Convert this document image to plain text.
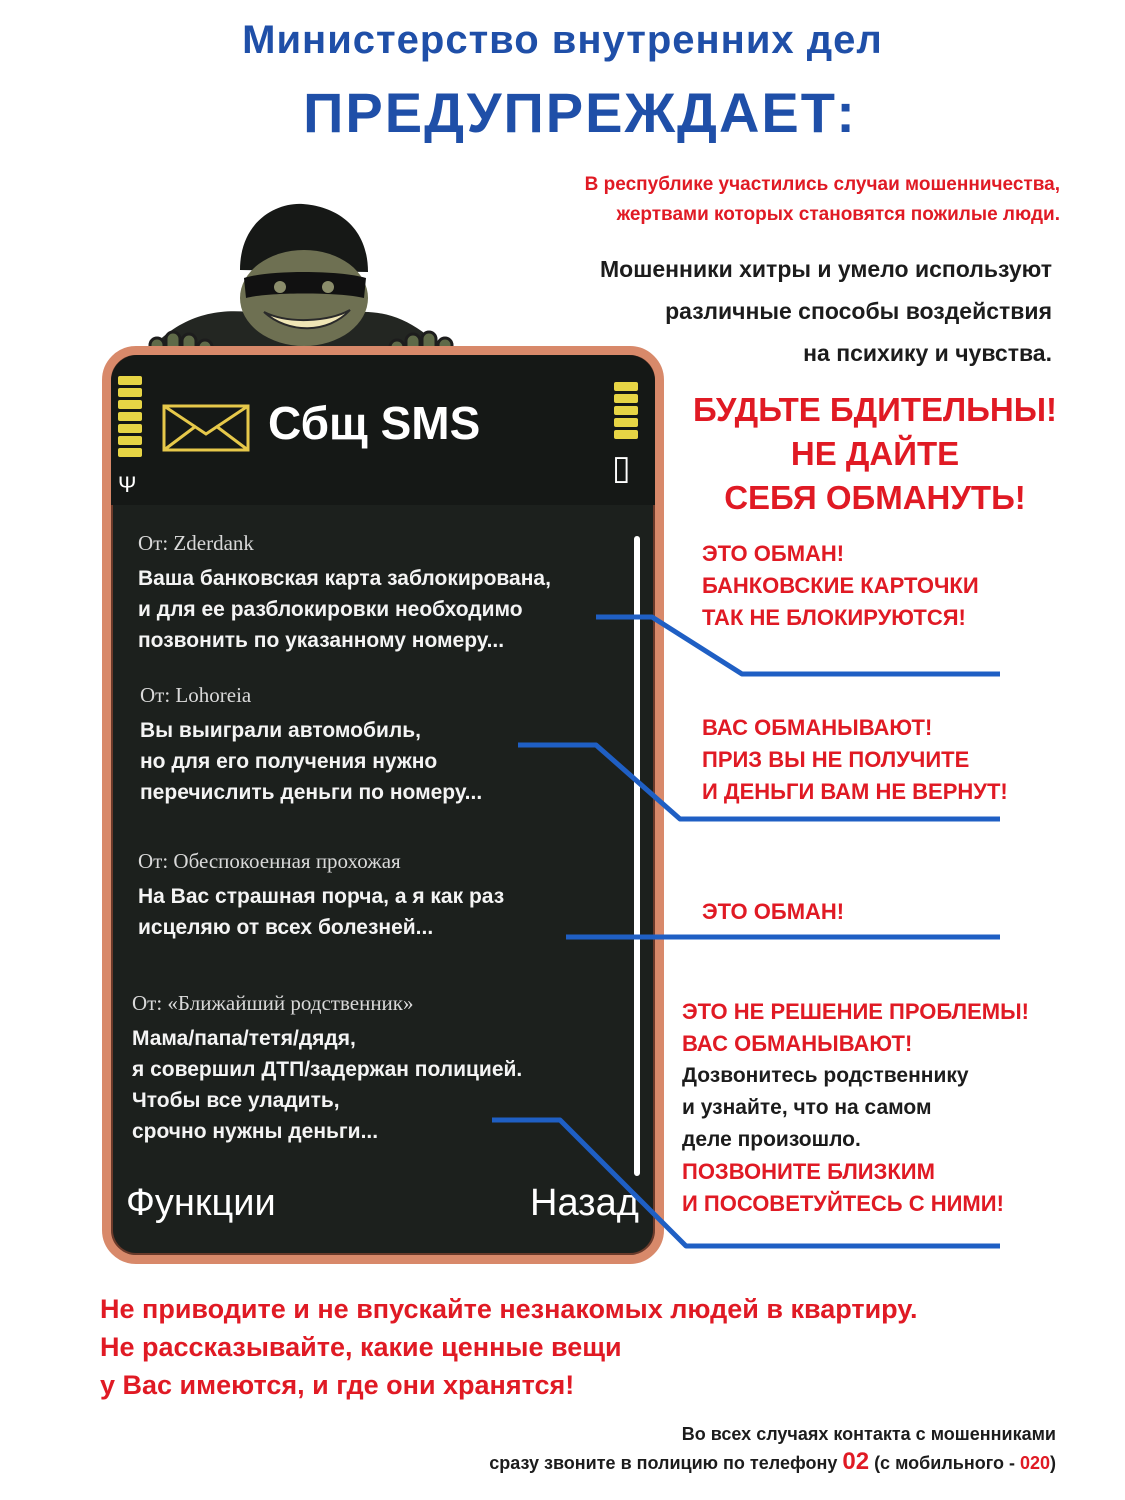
Министерство внутренних дел
ПРЕДУПРЕЖДАЕТ:
В республике участились случаи мошенничества,
жертвами которых становятся пожилые люди.
Мошенники хитры и умело используют
различные способы воздействия
на психику и чувства.
Ψ	▯
Сбщ SMS
От: Zderdank
Ваша банковская карта заблокирована,
и для ее разблокировки необходимо
позвонить по указанному номеру...
От: Lohoreia
Вы выиграли автомобиль,
но для его получения нужно
перечислить деньги по номеру...
От: Обеспокоенная прохожая
На Вас страшная порча, а я как раз
исцеляю от всех болезней...
От: «Ближайший родственник»
Мама/папа/тетя/дядя,
я совершил ДТП/задержан полицией.
Чтобы все уладить,
срочно нужны деньги...
Функции	Назад
БУДЬТЕ БДИТЕЛЬНЫ!
НЕ ДАЙТЕ
СЕБЯ ОБМАНУТЬ!
ЭТО ОБМАН!
БАНКОВСКИЕ КАРТОЧКИ
ТАК НЕ БЛОКИРУЮТСЯ!
ВАС ОБМАНЫВАЮТ!
ПРИЗ ВЫ НЕ ПОЛУЧИТЕ
И ДЕНЬГИ ВАМ НЕ ВЕРНУТ!
ЭТО ОБМАН!
ЭТО НЕ РЕШЕНИЕ ПРОБЛЕМЫ!
ВАС ОБМАНЫВАЮТ!
Дозвонитесь родственнику
и узнайте, что на самом
деле произошло.
ПОЗВОНИТЕ БЛИЗКИМ
И ПОСОВЕТУЙТЕСЬ С НИМИ!
Не приводите и не впускайте незнакомых людей в квартиру.
Не рассказывайте, какие ценные вещи
у Вас имеются, и где они хранятся!
Во всех случаях контакта с мошенниками
сразу звоните в полицию по телефону 02 (с мобильного - 020)
